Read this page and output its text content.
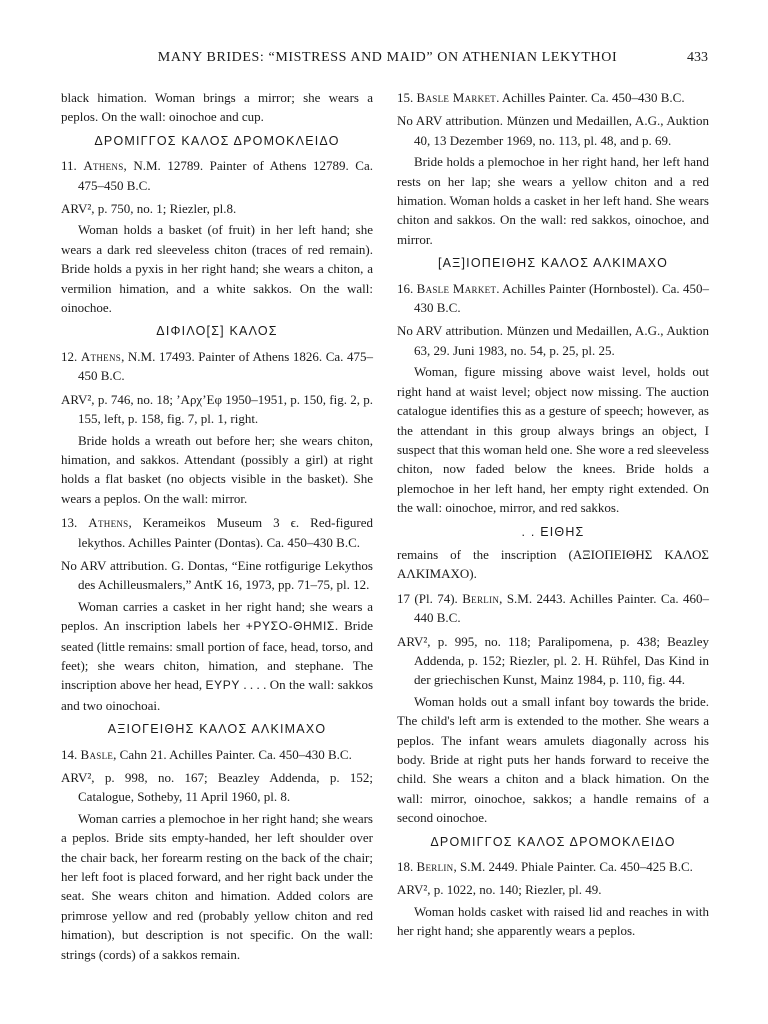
MANY BRIDES: “MISTRESS AND MAID” ON ATHENIAN LEKYTHOI	433

black himation. Woman brings a mirror; she wears a peplos. On the wall: oinochoe and cup.

ΔΡΟΜΙΓΓΟΣ ΚΑΛΟΣ ΔΡΟΜΟΚΛΕΙΔΟ

11. Athens, N.M. 12789. Painter of Athens 12789. Ca. 475–450 B.C.

ARV², p. 750, no. 1; Riezler, pl.8.

Woman holds a basket (of fruit) in her left hand; she wears a dark red sleeveless chiton (traces of red remain). Bride holds a pyxis in her right hand; she wears a chiton, a vermilion himation, and a white sakkos. On the wall: oinochoe.

ΔΙΦΙΛΟ[Σ] ΚΑΛΟΣ

12. Athens, N.M. 17493. Painter of Athens 1826. Ca. 475–450 B.C.

ARV², p. 746, no. 18; ’Αρχ’Εφ 1950–1951, p. 150, fig. 2, p. 155, left, p. 158, fig. 7, pl. 1, right.

Bride holds a wreath out before her; she wears chiton, himation, and sakkos. Attendant (possibly a girl) at right holds a flat basket (no objects visible in the basket). She wears a peplos. On the wall: mirror.

13. Athens, Kerameikos Museum 3 ϵ. Red-figured lekythos. Achilles Painter (Dontas). Ca. 450–430 B.C.

No ARV attribution. G. Dontas, “Eine rotfigurige Lekythos des Achilleusmalers,” AntK 16, 1973, pp. 71–75, pl. 12.

Woman carries a casket in her right hand; she wears a peplos. An inscription labels her +ΡΥΣΟ-ΘΗΜΙΣ. Bride seated (little remains: small portion of face, head, torso, and feet); she wears chiton, himation, and stephane. The inscription above her head, ΕΥΡΥ . . . . On the wall: sakkos and two oinochoai.

ΑΞΙΟΓΕΙΘΗΣ ΚΑΛΟΣ ΑΛΚΙΜΑΧΟ

14. Basle, Cahn 21. Achilles Painter. Ca. 450–430 B.C.

ARV², p. 998, no. 167; Beazley Addenda, p. 152; Catalogue, Sotheby, 11 April 1960, pl. 8.

Woman carries a plemochoe in her right hand; she wears a peplos. Bride sits empty-handed, her left shoulder over the chair back, her forearm resting on the back of the chair; her left foot is placed forward, and her right back under the seat. She wears chiton and himation. Added colors are primrose yellow and red (probably yellow chiton and red himation), but description is not specific. On the wall: strings (cords) of a sakkos remain.

15. Basle Market. Achilles Painter. Ca. 450–430 B.C.

No ARV attribution. Münzen und Medaillen, A.G., Auktion 40, 13 Dezember 1969, no. 113, pl. 48, and p. 69.

Bride holds a plemochoe in her right hand, her left hand rests on her lap; she wears a yellow chiton and a red himation. Woman holds a casket in her left hand. She wears chiton and sakkos. On the wall: red sakkos, oinochoe, and mirror.

[ΑΞ]ΙΟΠΕΙΘΗΣ ΚΑΛΟΣ ΑΛΚΙΜΑΧΟ

16. Basle Market. Achilles Painter (Hornbostel). Ca. 450–430 B.C.

No ARV attribution. Münzen und Medaillen, A.G., Auktion 63, 29. Juni 1983, no. 54, p. 25, pl. 25.

Woman, figure missing above waist level, holds out right hand at waist level; object now missing. The auction catalogue identifies this as a gesture of speech; however, as the attendant in this group always brings an object, I suspect that this woman held one. She wore a red sleeveless chiton, now faded below the knees. Bride holds a plemochoe in her left hand, her empty right extended. On the wall: oinochoe, mirror, and red sakkos.

. . ΕΙΘΗΣ

remains of the inscription (ΑΞΙΟΠΕΙΘΗΣ ΚΑΛΟΣ ΑΛΚΙΜΑΧΟ).

17 (Pl. 74). Berlin, S.M. 2443. Achilles Painter. Ca. 460–440 B.C.

ARV², p. 995, no. 118; Paralipomena, p. 438; Beazley Addenda, p. 152; Riezler, pl. 2. H. Rühfel, Das Kind in der griechischen Kunst, Mainz 1984, p. 110, fig. 44.

Woman holds out a small infant boy towards the bride. The child's left arm is extended to the mother. She wears a peplos. The infant wears amulets diagonally across his body. Bride at right puts her hands forward to receive the child. She wears a chiton and a black himation. On the wall: mirror, oinochoe, sakkos; a handle remains of a second oinochoe.

ΔΡΟΜΙΓΓΟΣ ΚΑΛΟΣ ΔΡΟΜΟΚΛΕΙΔΟ

18. Berlin, S.M. 2449. Phiale Painter. Ca. 450–425 B.C.

ARV², p. 1022, no. 140; Riezler, pl. 49.

Woman holds casket with raised lid and reaches in with her right hand; she apparently wears a peplos.
